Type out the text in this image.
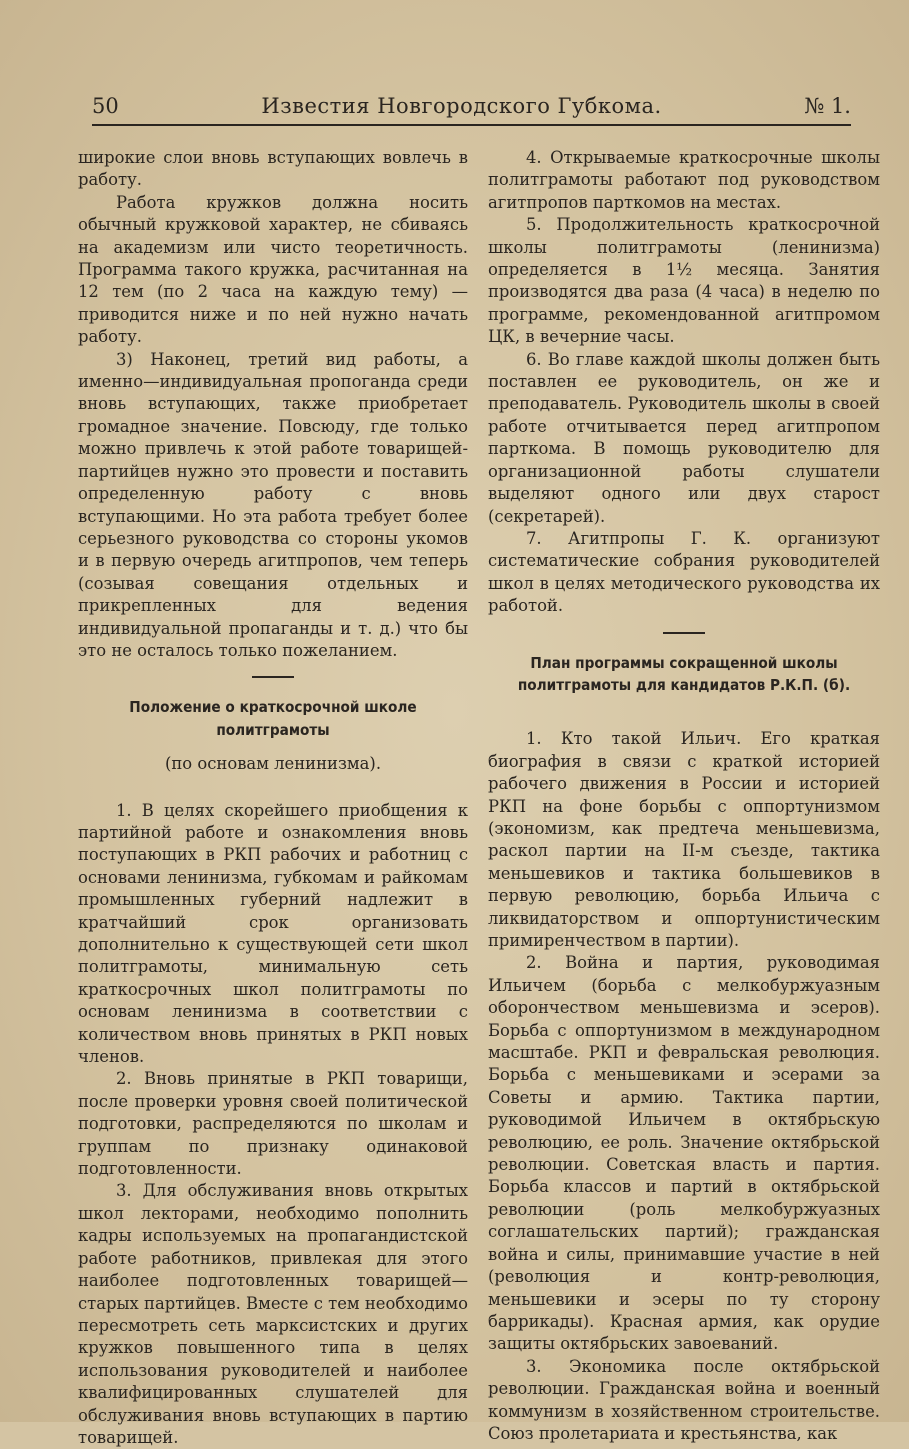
50	Известия Новгородского Губкома.	№ 1.

широкие слои вновь вступающих вовлечь в работу.

Работа кружков должна носить обычный кружковой характер, не сбиваясь на академизм или чисто теоретичность. Программа такого кружка, расчитанная на 12 тем (по 2 часа на каждую тему) — приводится ниже и по ней нужно начать работу.

3) Наконец, третий вид работы, а именно—индивидуальная пропоганда среди вновь вступающих, также приобретает громадное значение. Повсюду, где только можно привлечь к этой работе товарищей-партийцев нужно это провести и поставить определенную работу с вновь вступающими. Но эта работа требует более серьезного руководства со стороны укомов и в первую очередь агитпропов, чем теперь (созывая совещания отдельных и прикрепленных для ведения индивидуальной пропаганды и т. д.) что бы это не осталось только пожеланием.

Положение о краткосрочной школе политграмоты
(по основам ленинизма).

1. В целях скорейшего приобщения к партийной работе и ознакомления вновь поступающих в РКП рабочих и работниц с основами ленинизма, губкомам и райкомам промышленных губерний надлежит в кратчайший срок организовать дополнительно к существующей сети школ политграмоты, минимальную сеть краткосрочных школ политграмоты по основам ленинизма в соответствии с количеством вновь принятых в РКП новых членов.

2. Вновь принятые в РКП товарищи, после проверки уровня своей политической подготовки, распределяются по школам и группам по признаку одинаковой подготовленности.

3. Для обслуживания вновь открытых школ лекторами, необходимо пополнить кадры используемых на пропагандистской работе работников, привлекая для этого наиболее подготовленных товарищей—старых партийцев. Вместе с тем необходимо пересмотреть сеть марксистских и других кружков повышенного типа в целях использования руководителей и наиболее квалифицированных слушателей для обслуживания вновь вступающих в партию товарищей.

4. Открываемые краткосрочные школы политграмоты работают под руководством агитпропов парткомов на местах.

5. Продолжительность краткосрочной школы политграмоты (ленинизма) определяется в 1½ месяца. Занятия производятся два раза (4 часа) в неделю по программе, рекомендованной агитпромом ЦК, в вечерние часы.

6. Во главе каждой школы должен быть поставлен ее руководитель, он же и преподаватель. Руководитель школы в своей работе отчитывается перед агитпропом парткома. В помощь руководителю для организационной работы слушатели выделяют одного или двух старост (секретарей).

7. Агитпропы Г. К. организуют систематические собрания руководителей школ в целях методического руководства их работой.

План программы сокращенной школы политграмоты для кандидатов Р.К.П. (б).

1. Кто такой Ильич. Его краткая биография в связи с краткой историей рабочего движения в России и историей РКП на фоне борьбы с оппортунизмом (экономизм, как предтеча меньшевизма, раскол партии на II-м съезде, тактика меньшевиков и тактика большевиков в первую революцию, борьба Ильича с ликвидаторством и оппортунистическим примиренчеством в партии).

2. Война и партия, руководимая Ильичем (борьба с мелкобуржуазным оборончеством меньшевизма и эсеров). Борьба с оппортунизмом в международном масштабе. РКП и февральская революция. Борьба с меньшевиками и эсерами за Советы и армию. Тактика партии, руководимой Ильичем в октябрьскую революцию, ее роль. Значение октябрьской революции. Советская власть и партия. Борьба классов и партий в октябрьской революции (роль мелкобуржуазных соглашательских партий); гражданская война и силы, принимавшие участие в ней (революция и контр-революция, меньшевики и эсеры по ту сторону баррикады). Красная армия, как орудие защиты октябрьских завоеваний.

3. Экономика после октябрьской революции. Гражданская война и военный коммунизм в хозяйственном строительстве. Союз пролетариата и крестьянства, как
